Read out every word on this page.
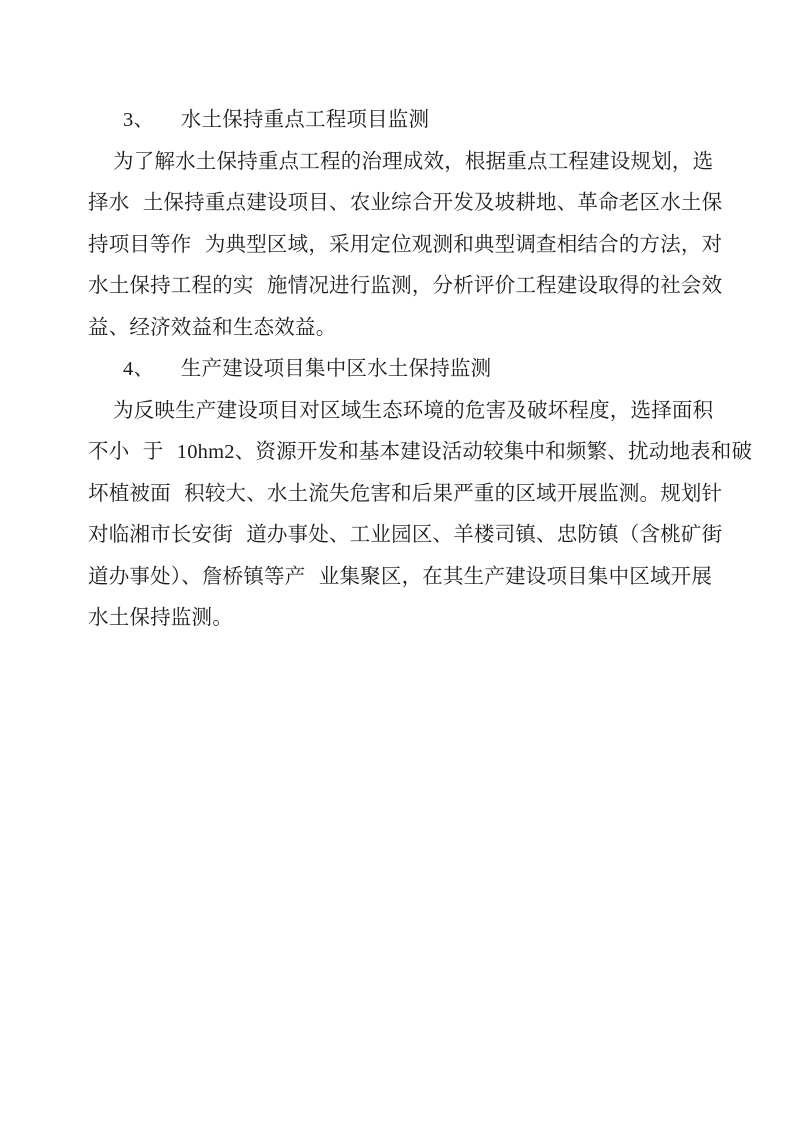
3、  水土保持重点工程项目监测
为了解水土保持重点工程的治理成效，根据重点工程建设规划，选
择水 土保持重点建设项目、农业综合开发及坡耕地、革命老区水土保
持项目等作 为典型区域，采用定位观测和典型调查相结合的方法，对
水土保持工程的实 施情况进行监测，分析评价工程建设取得的社会效
益、经济效益和生态效益。
4、  生产建设项目集中区水土保持监测
为反映生产建设项目对区域生态环境的危害及破坏程度，选择面积
不小 于 10hm2、资源开发和基本建设活动较集中和频繁、扰动地表和破
坏植被面 积较大、水土流失危害和后果严重的区域开展监测。规划针
对临湘市长安街 道办事处、工业园区、羊楼司镇、忠防镇（含桃矿街
道办事处）、詹桥镇等产 业集聚区，在其生产建设项目集中区域开展
水土保持监测。
